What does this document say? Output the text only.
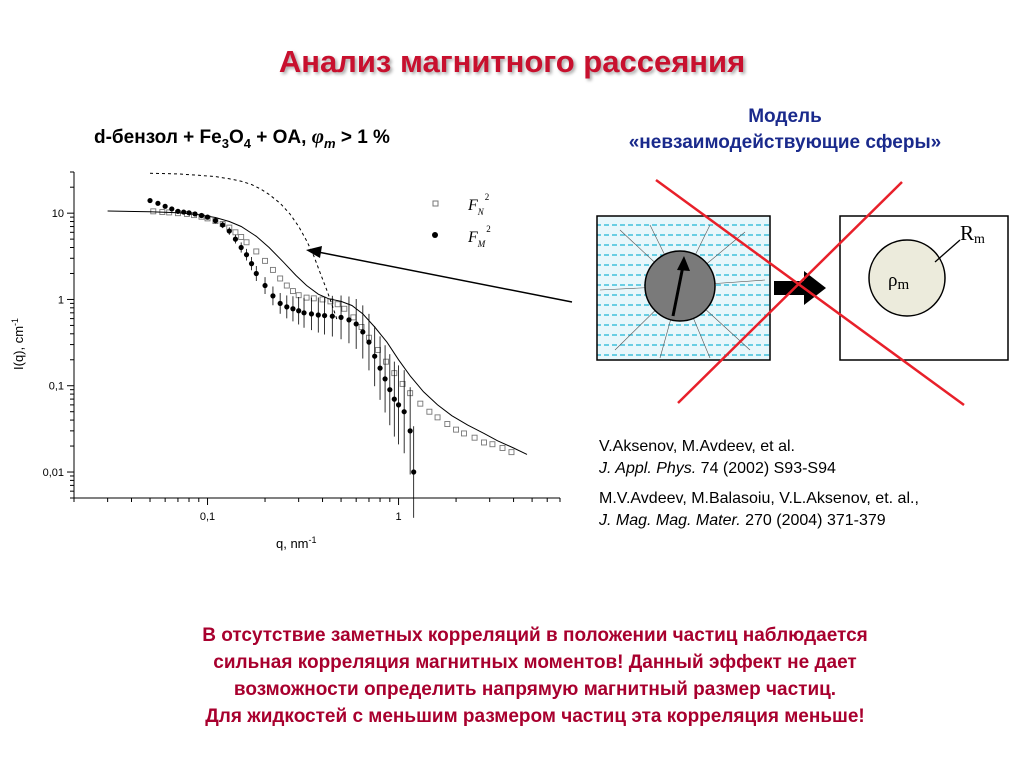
Анализ магнитного рассеяния
d-бензол + $Fe_3O_4$ + OA, $\varphi_m > 1$ %
Модель
«невзаимодействующие сферы»
0,1	1
0,01
0,1
1
10
q, $nm^{-1}$
I(q), $cm^{-1}$
$F_N^2$
$F_M^2$
ρm
Rm
V.Aksenov, M.Avdeev, et al.
J. Appl. Phys. 74 (2002) S93-S94
M.V.Avdeev, M.Balasoiu, V.L.Aksenov, et. al.,
J. Mag. Mag. Mater. 270 (2004) 371-379
В отсутствие заметных корреляций в положении частиц наблюдается
сильная корреляция магнитных моментов! Данный эффект не дает
возможности определить напрямую магнитный размер частиц.
Для жидкостей с меньшим размером частиц эта корреляция меньше!
